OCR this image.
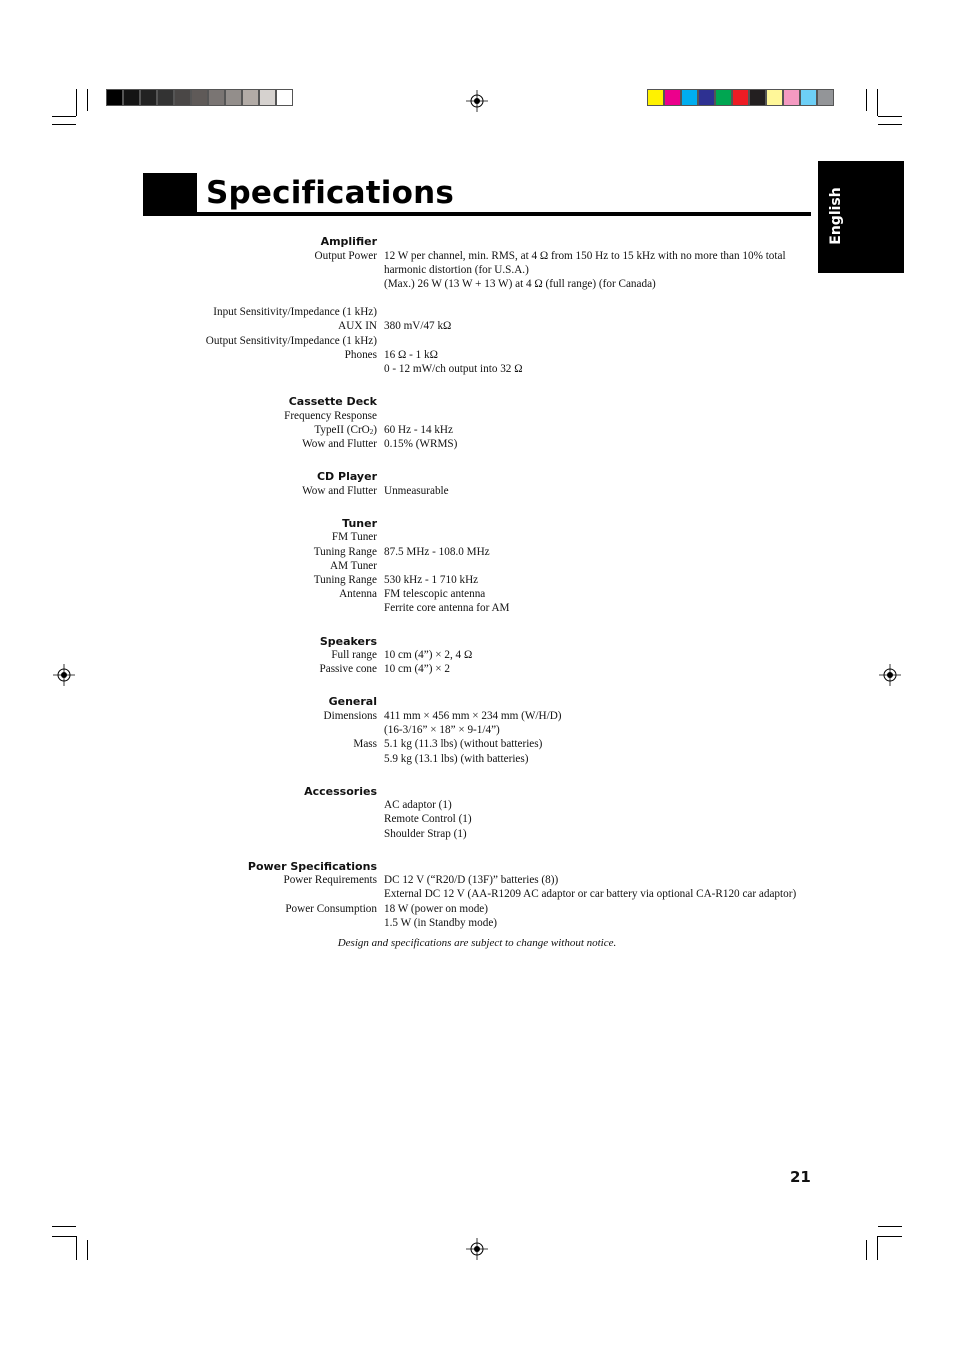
Specifications	English
Amplifier
Output Power 12 W per channel, min. RMS, at 4 Ω from 150 Hz to 15 kHz with no more than 10% total
harmonic distortion (for U.S.A.)
(Max.) 26 W (13 W + 13 W) at 4 Ω (full range) (for Canada)
Input Sensitivity/Impedance (1 kHz)
AUX IN 380 mV/47 kΩ
Output Sensitivity/Impedance (1 kHz)
Phones 16 Ω - 1 kΩ
0 - 12 mW/ch output into 32 Ω
Cassette Deck
Frequency Response
TypeII (CrO2) 60 Hz - 14 kHz
Wow and Flutter 0.15% (WRMS)
CD Player
Wow and Flutter Unmeasurable
Tuner
FM Tuner
Tuning Range 87.5 MHz - 108.0 MHz
AM Tuner
Tuning Range 530 kHz - 1 710 kHz
Antenna FM telescopic antenna
Ferrite core antenna for AM
Speakers
Full range 10 cm (4”) × 2, 4 Ω
Passive cone 10 cm (4”) × 2
General
Dimensions 411 mm × 456 mm × 234 mm (W/H/D)
(16-3/16” × 18” × 9-1/4”)
Mass 5.1 kg (11.3 lbs) (without batteries)
5.9 kg (13.1 lbs) (with batteries)
Accessories
AC adaptor (1)
Remote Control (1)
Shoulder Strap (1)
Power Specifications
Power Requirements DC 12 V (“R20/D (13F)” batteries (8))
External DC 12 V (AA-R1209 AC adaptor or car battery via optional CA-R120 car adaptor)
Power Consumption 18 W (power on mode)
1.5 W (in Standby mode)
Design and specifications are subject to change without notice.
21
